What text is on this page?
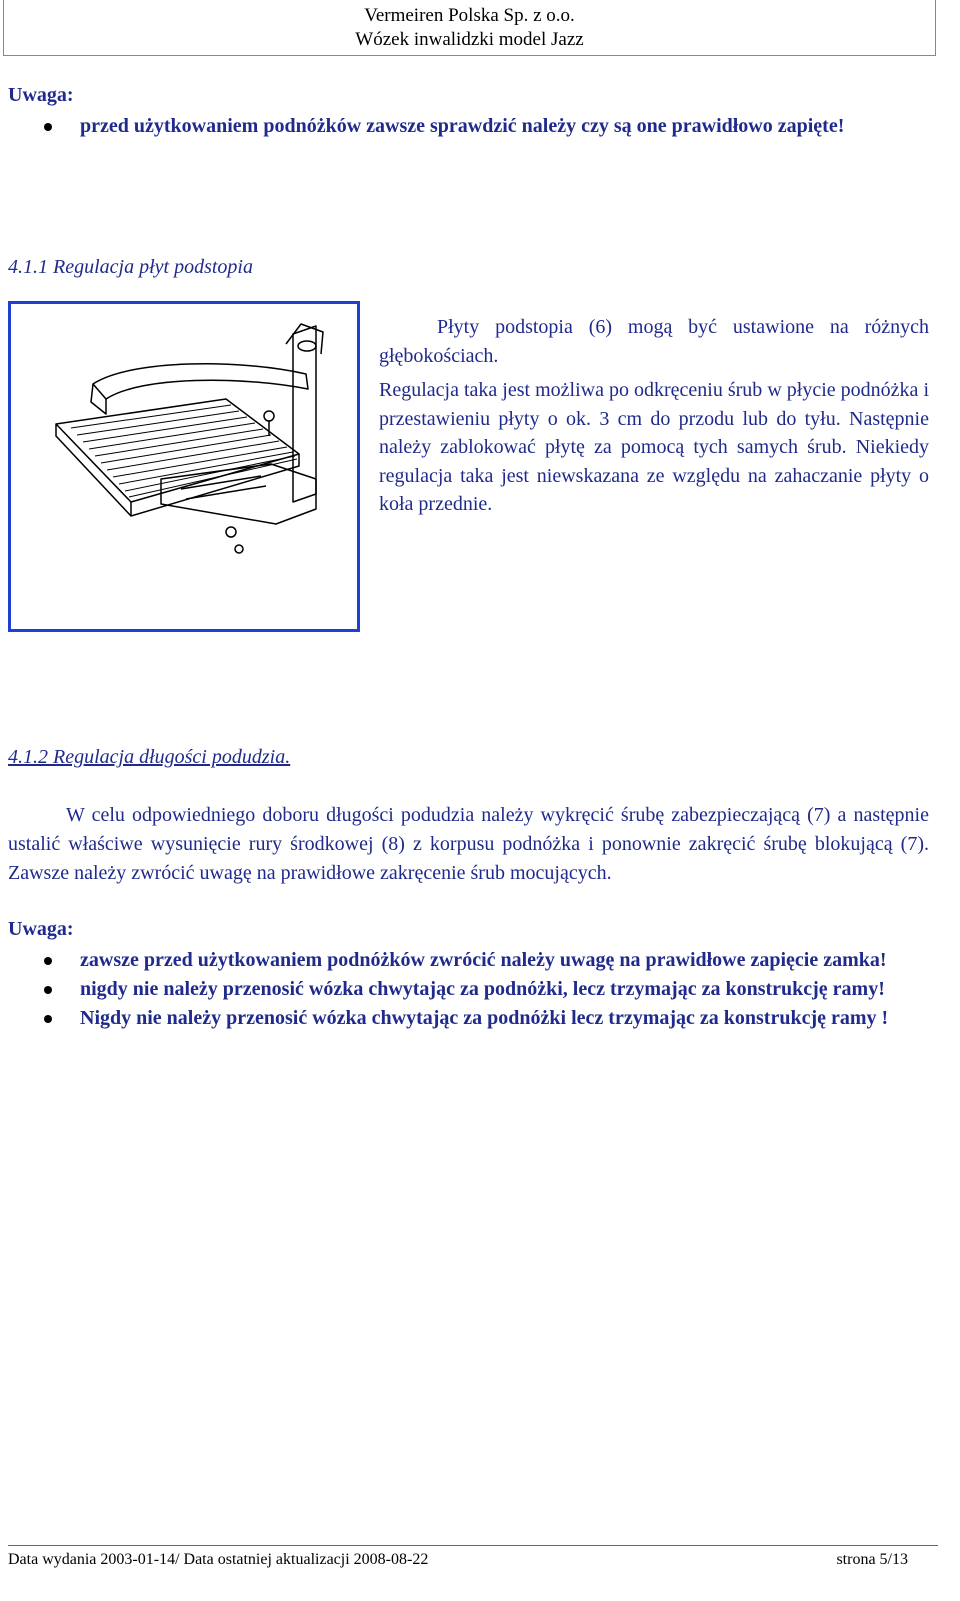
Vermeiren Polska Sp. z o.o.
Wózek inwalidzki model Jazz
Uwaga:
przed użytkowaniem podnóżków zawsze sprawdzić należy czy są one prawidłowo zapięte!
4.1.1 Regulacja płyt podstopia

Płyty podstopia (6) mogą być ustawione na różnych głębokościach.

Regulacja taka jest możliwa po odkręceniu śrub w płycie podnóżka i przestawieniu płyty o ok. 3 cm do przodu lub do tyłu. Następnie należy zablokować płytę za pomocą tych samych śrub. Niekiedy regulacja taka jest niewskazana ze względu na zahaczanie płyty o koła przednie.

4.1.2 Regulacja długości podudzia.

W celu odpowiedniego doboru długości podudzia należy wykręcić śrubę zabezpieczającą (7) a następnie ustalić właściwe wysunięcie rury środkowej (8) z korpusu podnóżka i ponownie zakręcić śrubę blokującą (7). Zawsze należy zwrócić uwagę na prawidłowe zakręcenie śrub mocujących.

Uwaga:
zawsze przed użytkowaniem podnóżków zwrócić należy uwagę na prawidłowe zapięcie zamka!
nigdy nie należy przenosić wózka chwytając za podnóżki, lecz trzymając za konstrukcję ramy!
Nigdy nie należy przenosić wózka chwytając za podnóżki lecz trzymając za konstrukcję ramy !
Data wydania 2003-01-14/ Data ostatniej aktualizacji 2008-08-22	strona 5/13
